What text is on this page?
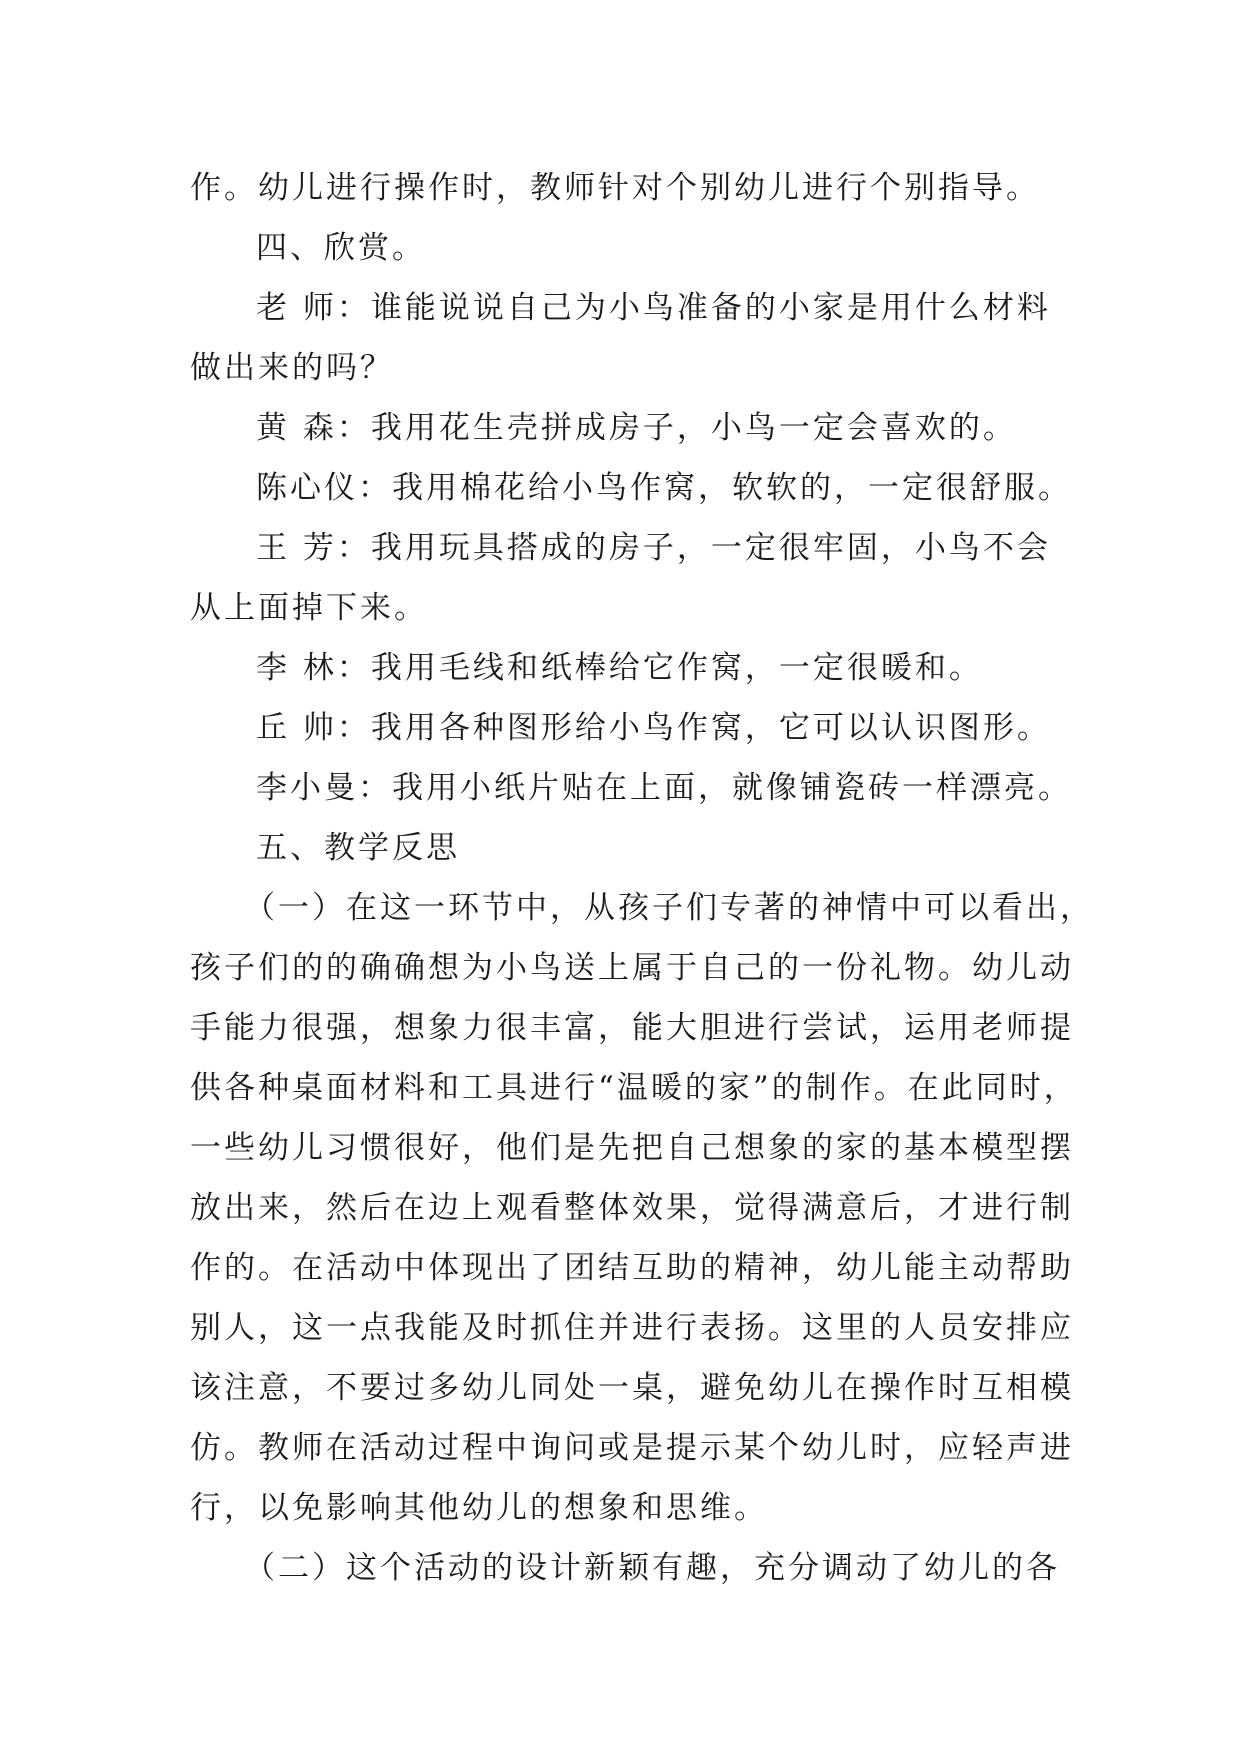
作。幼儿进行操作时，教师针对个别幼儿进行个别指导。
四、欣赏。
老 师：谁能说说自己为小鸟准备的小家是用什么材料
做出来的吗？
黄 森：我用花生壳拼成房子，小鸟一定会喜欢的。
陈心仪：我用棉花给小鸟作窝，软软的，一定很舒服。
王 芳：我用玩具搭成的房子，一定很牢固，小鸟不会
从上面掉下来。
李 林：我用毛线和纸棒给它作窝，一定很暖和。
丘 帅：我用各种图形给小鸟作窝，它可以认识图形。
李小曼：我用小纸片贴在上面，就像铺瓷砖一样漂亮。
五、教学反思
（一）在这一环节中，从孩子们专著的神情中可以看出，
孩子们的的确确想为小鸟送上属于自己的一份礼物。幼儿动
手能力很强，想象力很丰富，能大胆进行尝试，运用老师提
供各种桌面材料和工具进行“温暖的家”的制作。在此同时，
一些幼儿习惯很好，他们是先把自己想象的家的基本模型摆
放出来，然后在边上观看整体效果，觉得满意后，才进行制
作的。在活动中体现出了团结互助的精神，幼儿能主动帮助
别人，这一点我能及时抓住并进行表扬。这里的人员安排应
该注意，不要过多幼儿同处一桌，避免幼儿在操作时互相模
仿。教师在活动过程中询问或是提示某个幼儿时，应轻声进
行，以免影响其他幼儿的想象和思维。
（二）这个活动的设计新颖有趣，充分调动了幼儿的各
